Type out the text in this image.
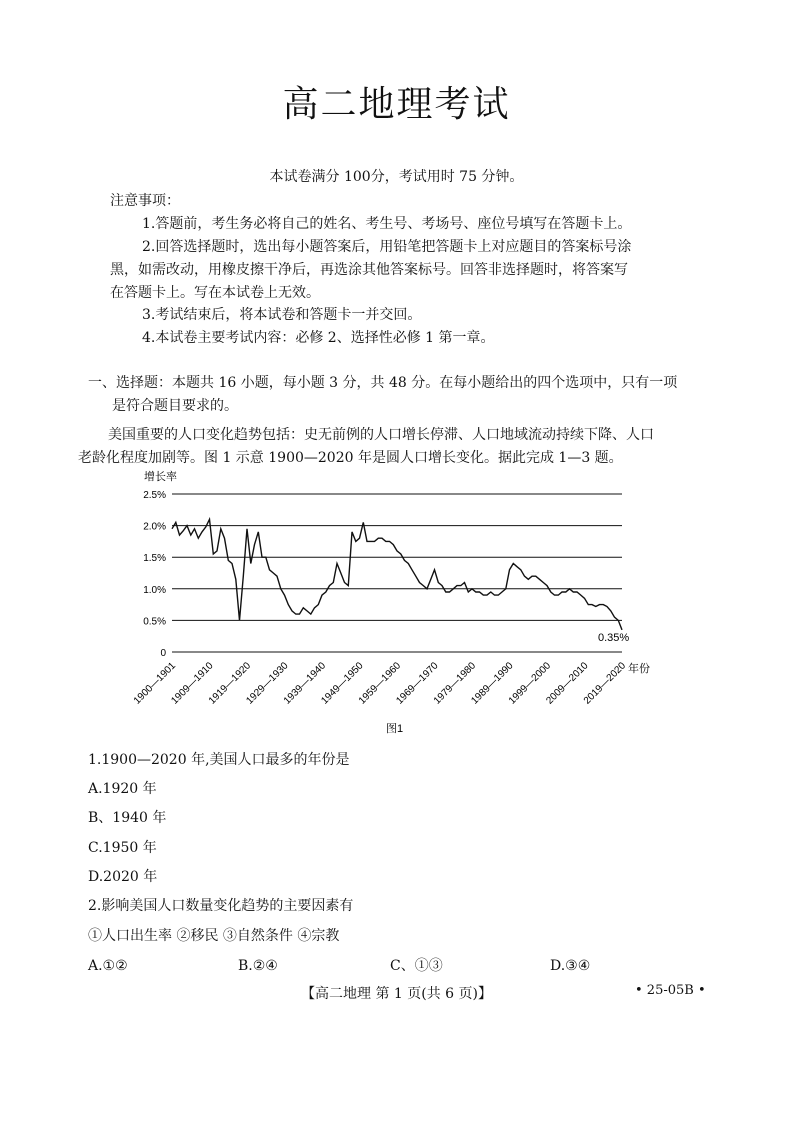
高二地理考试
本试卷满分 100分，考试用时 75 分钟。
注意事项：
1.答题前，考生务必将自己的姓名、考生号、考场号、座位号填写在答题卡上。
2.回答选择题时，选出每小题答案后，用铅笔把答题卡上对应题目的答案标号涂
黑，如需改动，用橡皮擦干净后，再选涂其他答案标号。回答非选择题时，将答案写
在答题卡上。写在本试卷上无效。
3.考试结束后，将本试卷和答题卡一并交回。
4.本试卷主要考试内容：必修 2、选择性必修 1 第一章。
一、选择题：本题共 16 小题，每小题 3 分，共 48 分。在每小题给出的四个选项中，只有一项
是符合题目要求的。
美国重要的人口变化趋势包括：史无前例的人口增长停滞、人口地域流动持续下降、人口
老龄化程度加剧等。图 1 示意 1900—2020 年是圆人口增长变化。据此完成 1—3 题。
0
0.5%
1.0%
1.5%
2.0%
2.5%
1900—1901
1909—1910
1919—1920
1929—1930
1939—1940
1949—1950
1959—1960
1969—1970
1979—1980
1989—1990
1999—2000
2009—2010
2019—2020
增长率
年份
0.35%
图1
1.1900—2020 年,美国人口最多的年份是
A.1920 年
B、1940 年
C.1950 年
D.2020 年
2.影响美国人口数量变化趋势的主要因素有
①人口出生率 ②移民 ③自然条件 ④宗教
A.①②	B.②④	C、①③	D.③④
【高二地理 第 1 页(共 6 页)】	• 25-05B •
